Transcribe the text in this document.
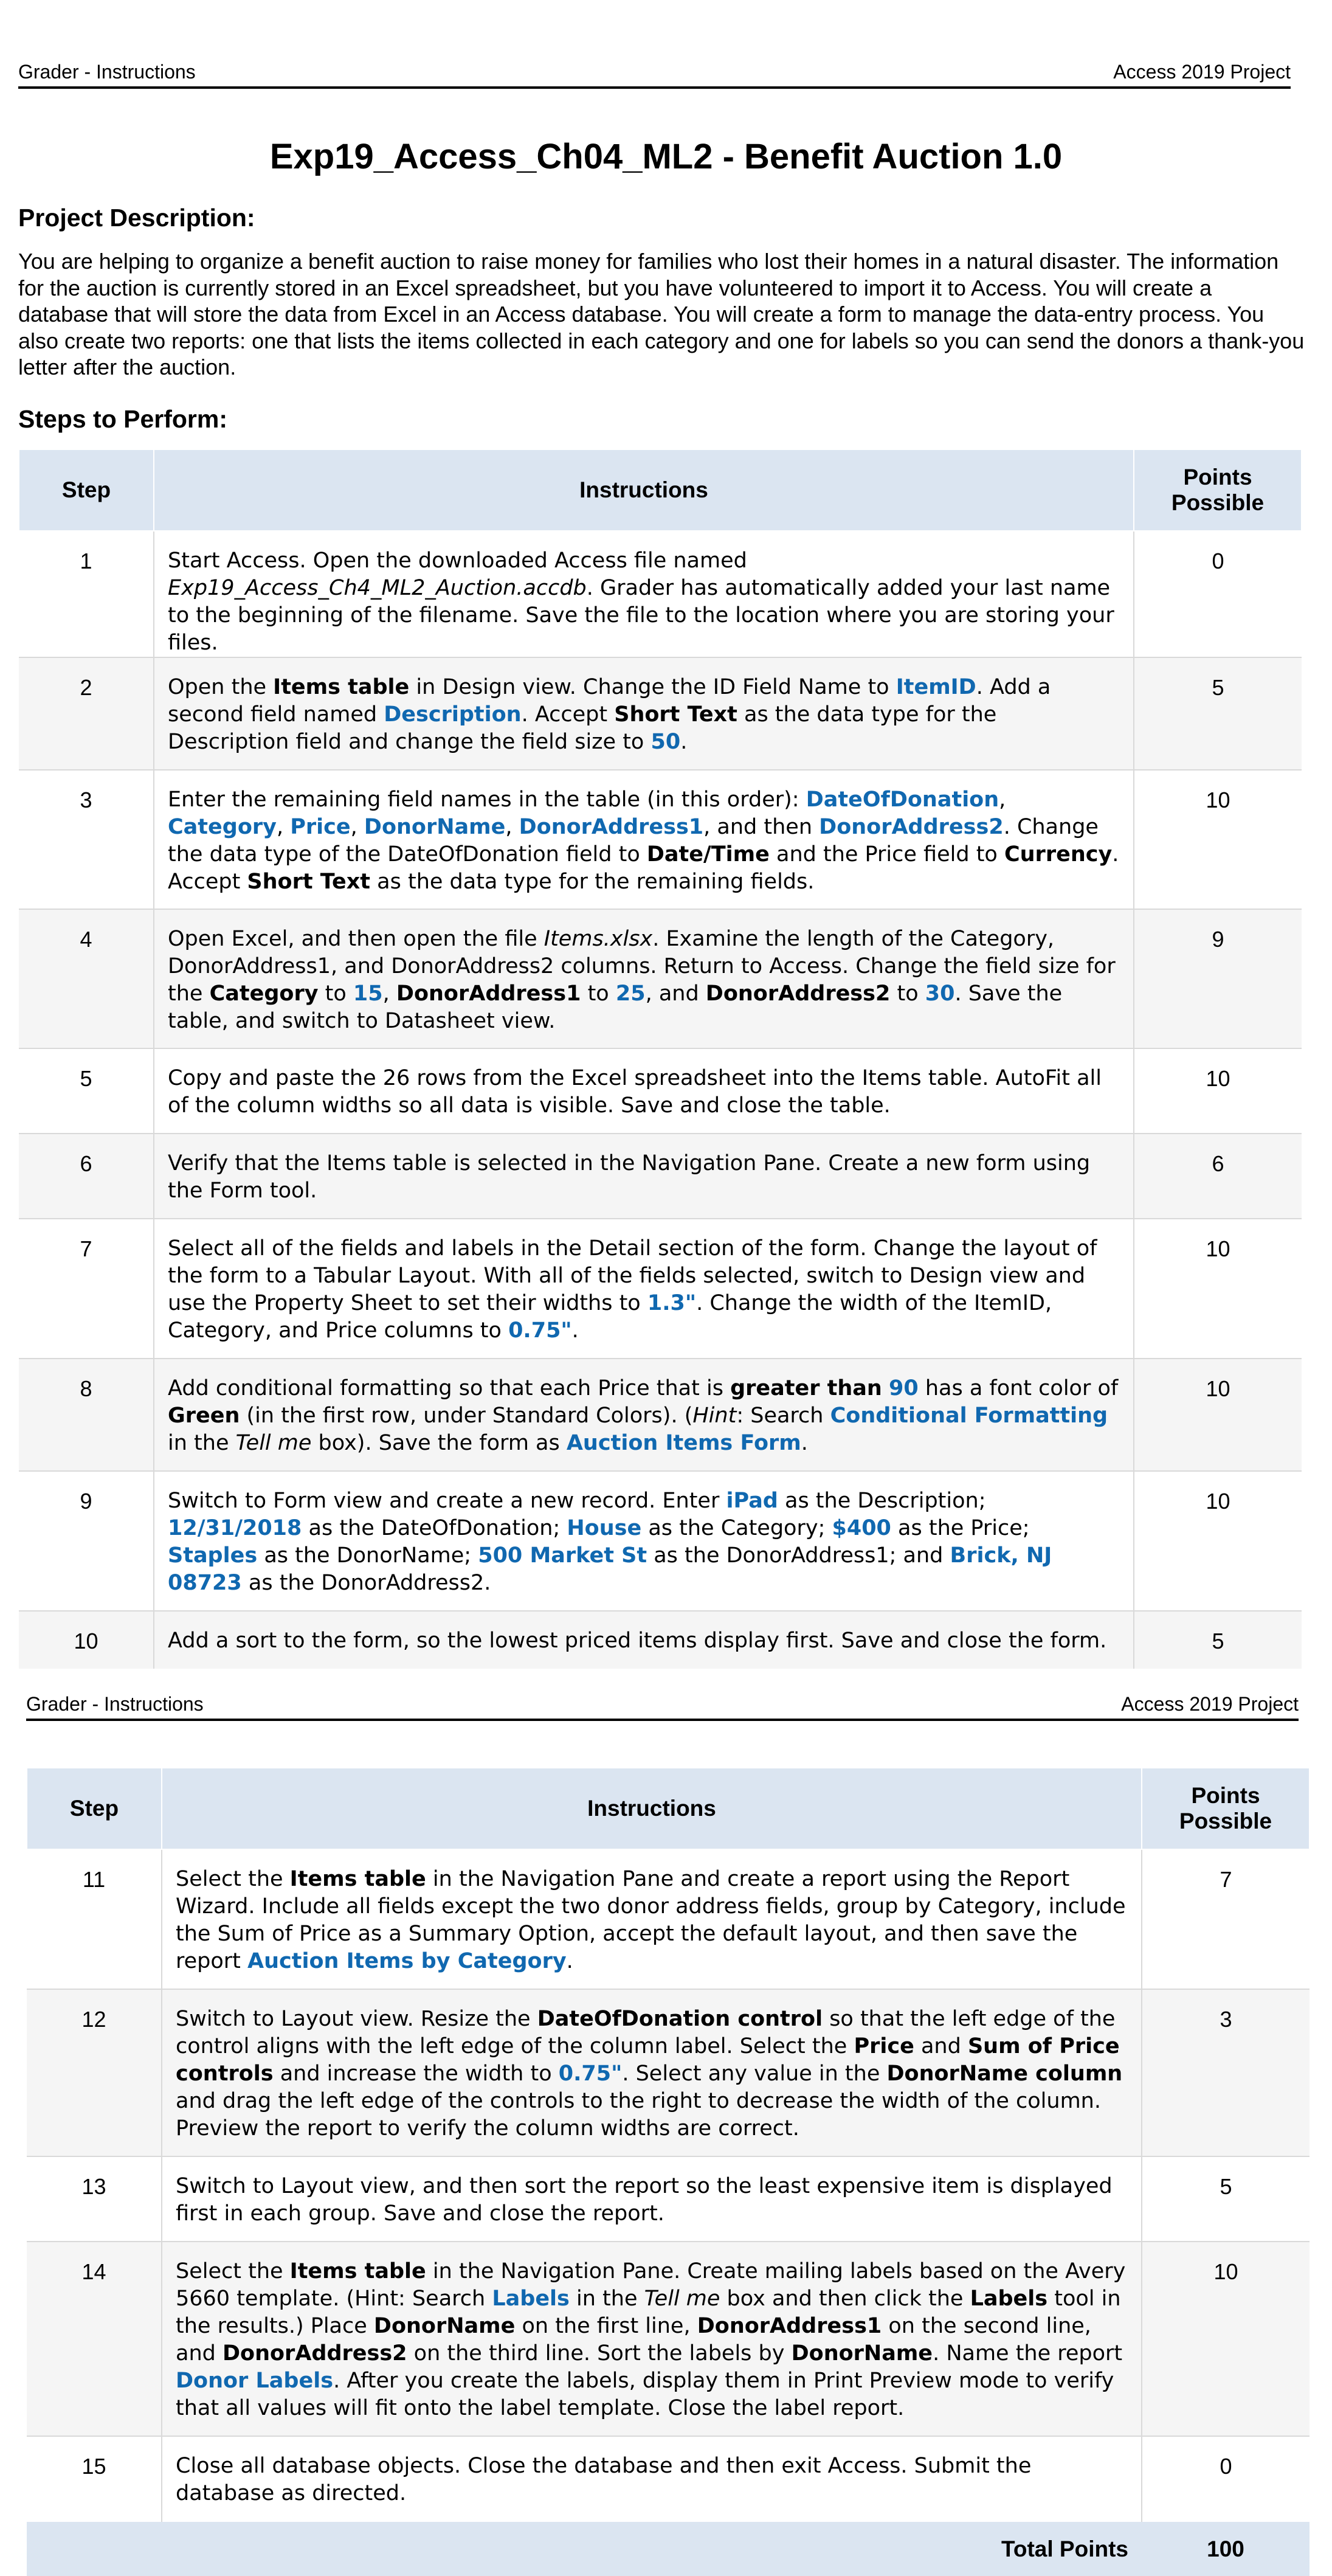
Grader - Instructions	Access 2019 Project
Exp19_Access_Ch04_ML2 - Benefit Auction 1.0
Project Description:

You are helping to organize a benefit auction to raise money for families who lost their homes in a natural disaster. The information for the auction is currently stored in an Excel spreadsheet, but you have volunteered to import it to Access. You will create a database that will store the data from Excel in an Access database. You will create a form to manage the data-entry process. You also create two reports: one that lists the items collected in each category and one for labels so you can send the donors a thank-you letter after the auction.

Steps to Perform:
Step	Instructions	Points
Possible
1	Start Access. Open the downloaded Access file named Exp19_Access_Ch4_ML2_Auction.accdb. Grader has automatically added your last name to the beginning of the filename. Save the file to the location where you are storing your files.	0
2	Open the Items table in Design view. Change the ID Field Name to ItemID. Add a second field named Description. Accept Short Text as the data type for the Description field and change the field size to 50.	5
3	Enter the remaining field names in the table (in this order): DateOfDonation, Category, Price, DonorName, DonorAddress1, and then DonorAddress2. Change the data type of the DateOfDonation field to Date/Time and the Price field to Currency. Accept Short Text as the data type for the remaining fields.	10
4	Open Excel, and then open the file Items.xlsx. Examine the length of the Category, DonorAddress1, and DonorAddress2 columns. Return to Access. Change the field size for the Category to 15, DonorAddress1 to 25, and DonorAddress2 to 30. Save the table, and switch to Datasheet view.	9
5	Copy and paste the 26 rows from the Excel spreadsheet into the Items table. AutoFit all of the column widths so all data is visible. Save and close the table.	10
6	Verify that the Items table is selected in the Navigation Pane. Create a new form using the Form tool.	6
7	Select all of the fields and labels in the Detail section of the form. Change the layout of the form to a Tabular Layout. With all of the fields selected, switch to Design view and use the Property Sheet to set their widths to 1.3". Change the width of the ItemID, Category, and Price columns to 0.75".	10
8	Add conditional formatting so that each Price that is greater than 90 has a font color of Green (in the first row, under Standard Colors). (Hint: Search Conditional Formatting in the Tell me box). Save the form as Auction Items Form.	10
9	Switch to Form view and create a new record. Enter iPad as the Description; 12/31/2018 as the DateOfDonation; House as the Category; $400 as the Price; Staples as the DonorName; 500 Market St as the DonorAddress1; and Brick, NJ 08723 as the DonorAddress2.	10
10	Add a sort to the form, so the lowest priced items display first. Save and close the form.	5
Grader - Instructions	Access 2019 Project
Step	Instructions	Points
Possible
11	Select the Items table in the Navigation Pane and create a report using the Report Wizard. Include all fields except the two donor address fields, group by Category, include the Sum of Price as a Summary Option, accept the default layout, and then save the report Auction Items by Category.	7
12	Switch to Layout view. Resize the DateOfDonation control so that the left edge of the control aligns with the left edge of the column label. Select the Price and Sum of Price controls and increase the width to 0.75". Select any value in the DonorName column and drag the left edge of the controls to the right to decrease the width of the column. Preview the report to verify the column widths are correct.	3
13	Switch to Layout view, and then sort the report so the least expensive item is displayed first in each group. Save and close the report.	5
14	Select the Items table in the Navigation Pane. Create mailing labels based on the Avery 5660 template. (Hint: Search Labels in the Tell me box and then click the Labels tool in the results.) Place DonorName on the first line, DonorAddress1 on the second line, and DonorAddress2 on the third line. Sort the labels by DonorName. Name the report Donor Labels. After you create the labels, display them in Print Preview mode to verify that all values will fit onto the label template. Close the label report.	10
15	Close all database objects. Close the database and then exit Access. Submit the database as directed.	0
Total Points		100
